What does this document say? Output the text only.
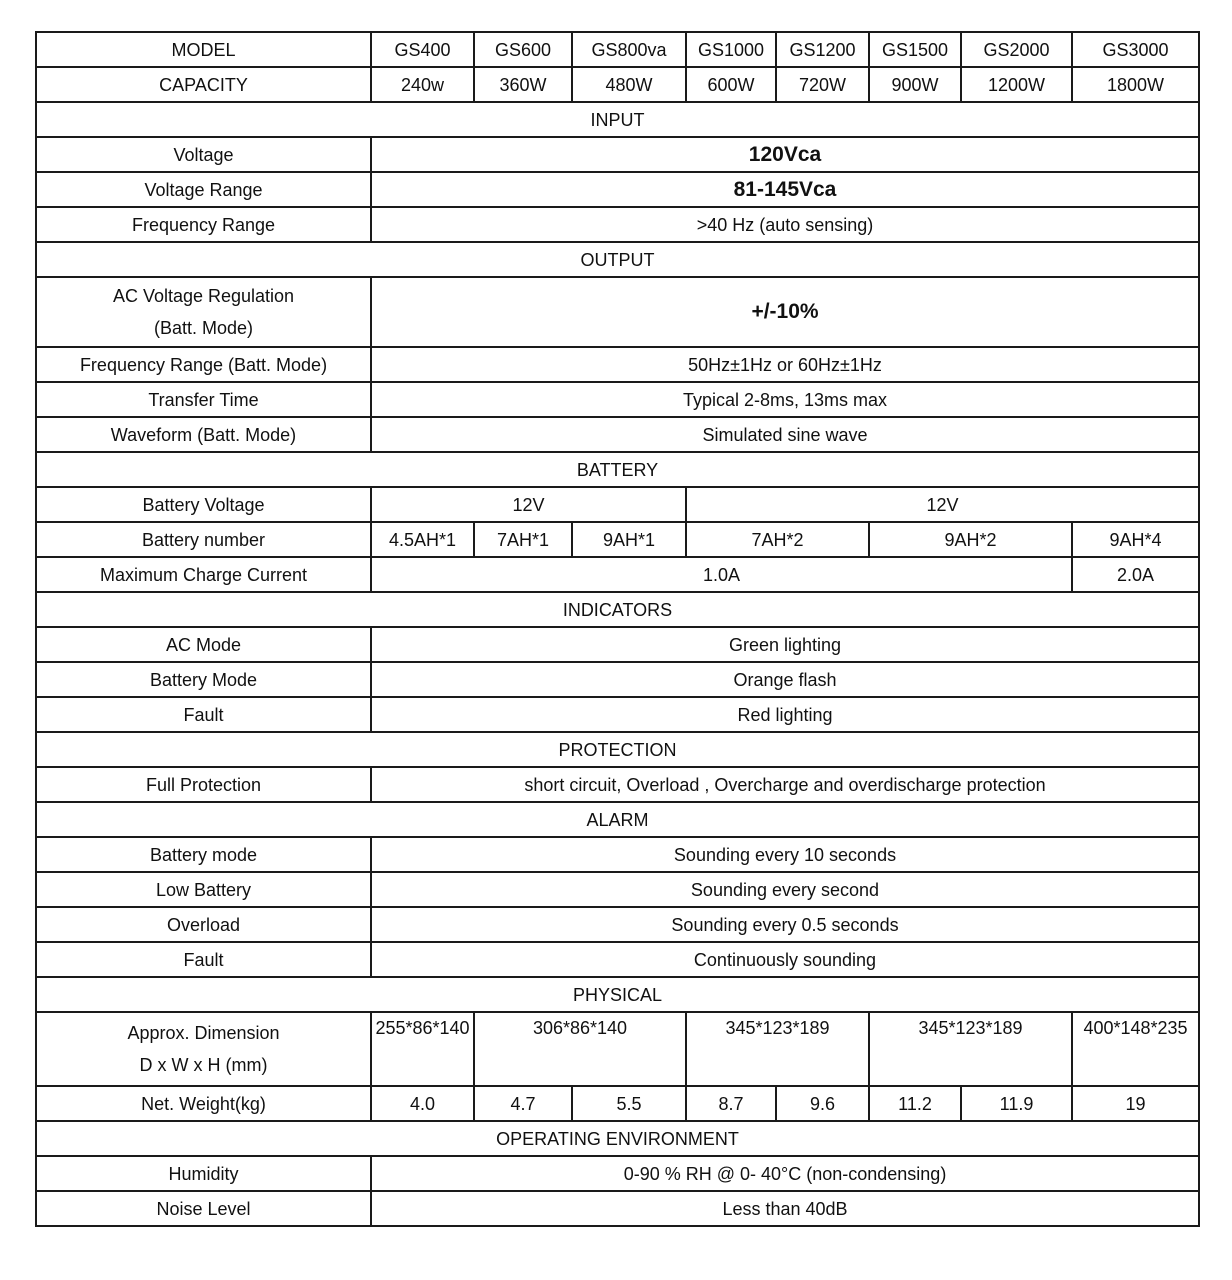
MODEL	GS400	GS600	GS800va	GS1000	GS1200	GS1500	GS2000	GS3000
CAPACITY	240w	360W	480W	600W	720W	900W	1200W	1800W
INPUT								
Voltage	120Vca							
Voltage Range	81-145Vca							
Frequency Range	>40 Hz (auto sensing)							
OUTPUT								

AC Voltage Regulation
(Batt. Mode)	+/-10%							
Frequency Range (Batt. Mode)	50Hz±1Hz or 60Hz±1Hz							
Transfer Time	Typical 2-8ms, 13ms max							
Waveform (Batt. Mode)	Simulated sine wave							
BATTERY								
Battery Voltage	12V			12V				
Battery number	4.5AH*1	7AH*1	9AH*1	7AH*2		9AH*2		9AH*4
Maximum Charge Current	1.0A							2.0A
INDICATORS								
AC Mode	Green lighting							
Battery Mode	Orange flash							
Fault	Red lighting							
PROTECTION								
Full Protection	short circuit, Overload , Overcharge and overdischarge protection							
ALARM								
Battery mode	Sounding every 10 seconds							
Low Battery	Sounding every second							
Overload	Sounding every 0.5 seconds							
Fault	Continuously sounding							
PHYSICAL								

Approx. Dimension
D x W x H (mm)	255*86*140	306*86*140		345*123*189		345*123*189		400*148*235
Net. Weight(kg)	4.0	4.7	5.5	8.7	9.6	11.2	11.9	19
OPERATING ENVIRONMENT								
Humidity	0-90 % RH @ 0- 40°C (non-condensing)							
Noise Level	Less than 40dB							
